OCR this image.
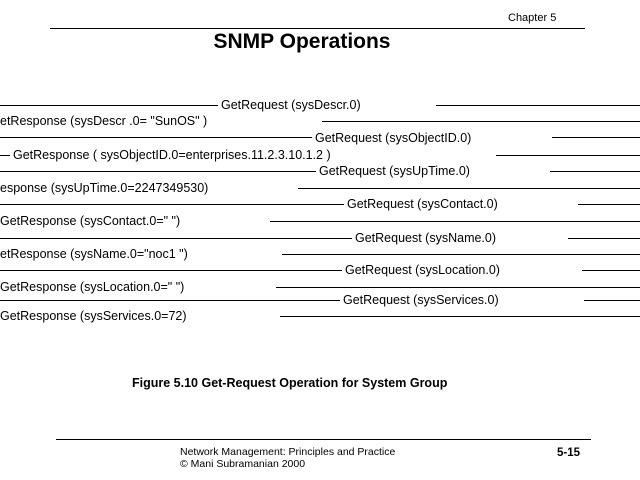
Chapter 5
SNMP Operations
GetRequest (sysDescr.0)
etResponse (sysDescr .0= "SunOS" )
GetRequest (sysObjectID.0)
GetResponse ( sysObjectID.0=enterprises.11.2.3.10.1.2 )
GetRequest (sysUpTime.0)
esponse (sysUpTime.0=2247349530)
GetRequest (sysContact.0)
GetResponse (sysContact.0=" ")
GetRequest (sysName.0)
etResponse (sysName.0="noc1 ")
GetRequest (sysLocation.0)
GetResponse (sysLocation.0=" ")
GetRequest (sysServices.0)
GetResponse (sysServices.0=72)
Figure 5.10 Get-Request Operation for System Group
Network Management: Principles and Practice
© Mani Subramanian 2000
5-15
